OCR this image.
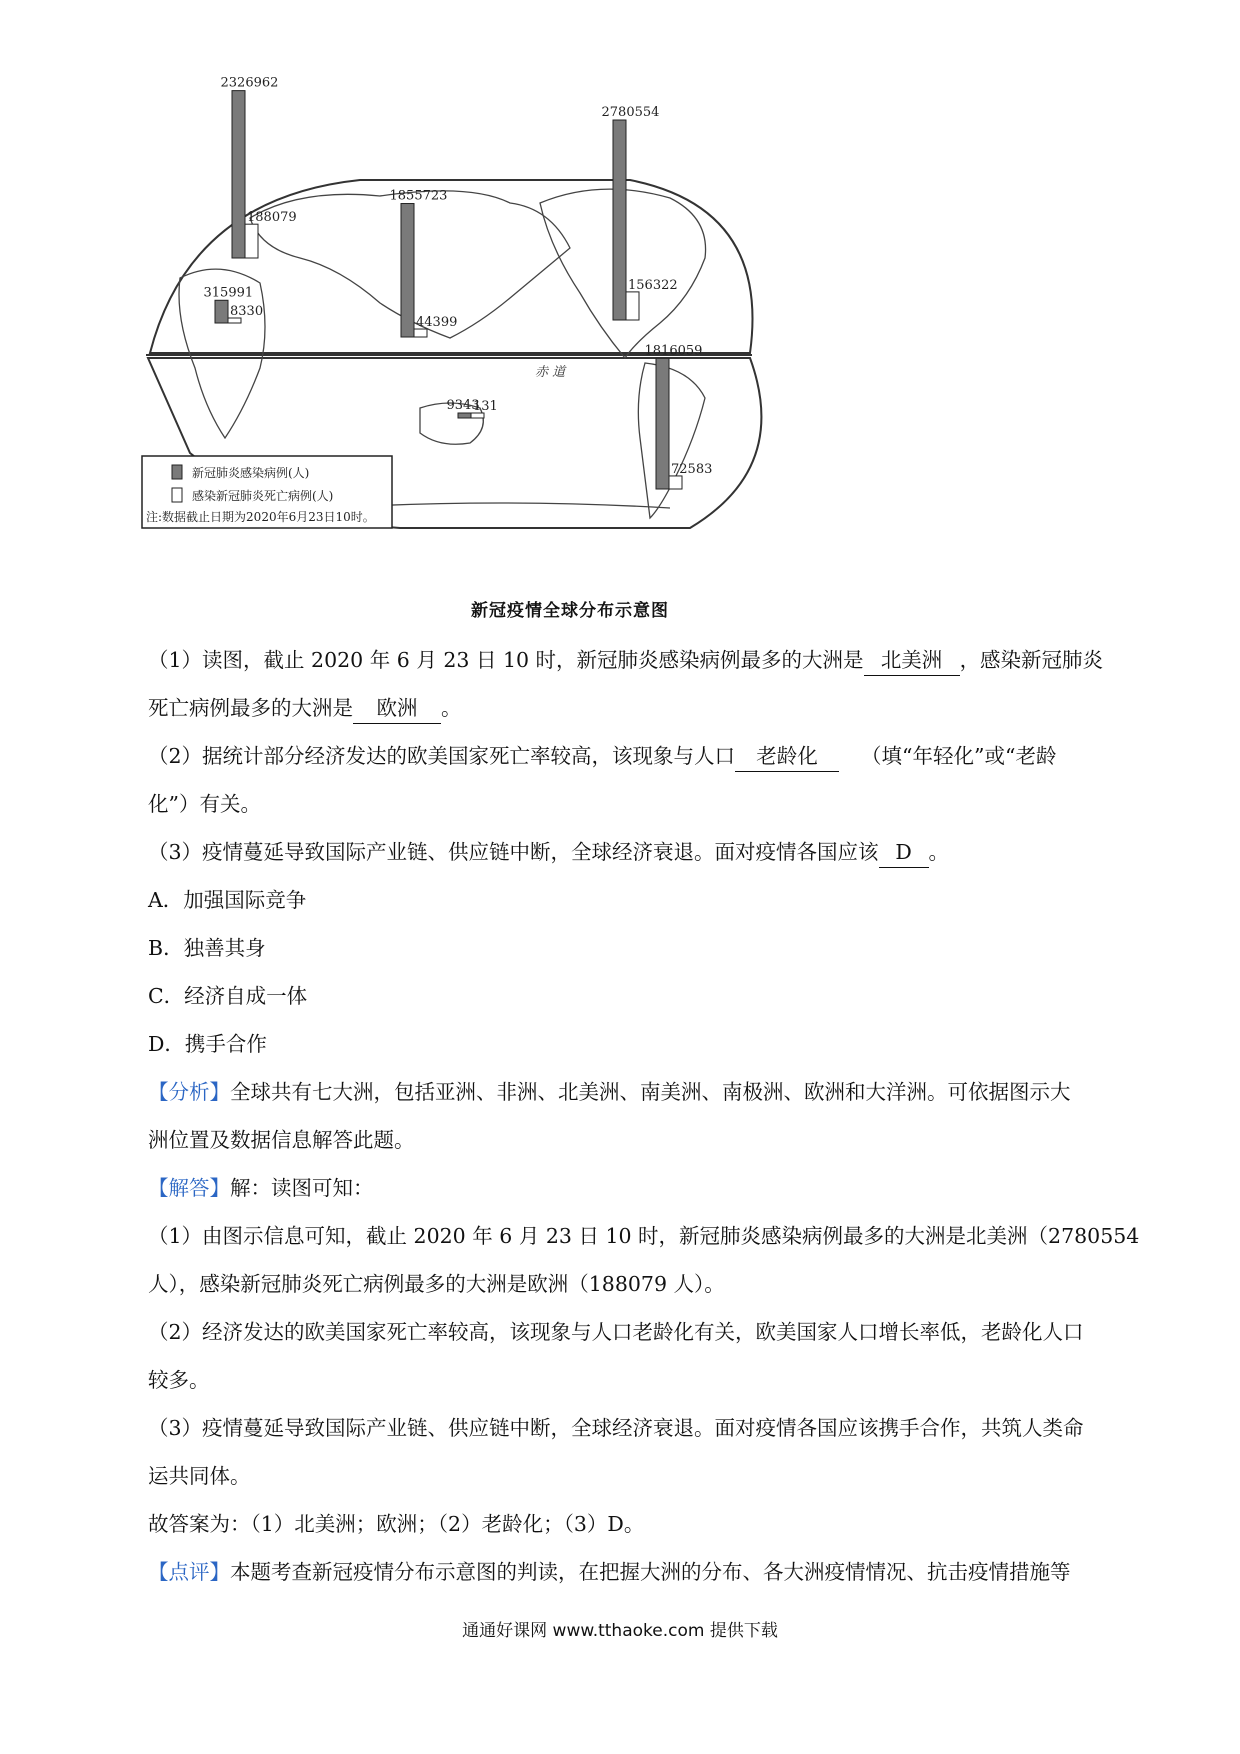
赤 道
2326962
188079
315991
8330
1855723
44399
9343
131
2780554
156322
1816059
72583
新冠肺炎感染病例(人)
感染新冠肺炎死亡病例(人)
注:数据截止日期为2020年6月23日10时。
新冠疫情全球分布示意图
（1）读图，截止 2020 年 6 月 23 日 10 时，新冠肺炎感染病例最多的大洲是 北美洲 ，感染新冠肺炎
死亡病例最多的大洲是 欧洲 。
（2）据统计部分经济发达的欧美国家死亡率较高，该现象与人口 老龄化 （填“年轻化”或“老龄
化”）有关。
（3）疫情蔓延导致国际产业链、供应链中断，全球经济衰退。面对疫情各国应该 D 。
A．加强国际竞争
B．独善其身
C．经济自成一体
D．携手合作
【分析】全球共有七大洲，包括亚洲、非洲、北美洲、南美洲、南极洲、欧洲和大洋洲。可依据图示大
洲位置及数据信息解答此题。
【解答】解：读图可知：
（1）由图示信息可知，截止 2020 年 6 月 23 日 10 时，新冠肺炎感染病例最多的大洲是北美洲（2780554
人），感染新冠肺炎死亡病例最多的大洲是欧洲（188079 人）。
（2）经济发达的欧美国家死亡率较高，该现象与人口老龄化有关，欧美国家人口增长率低，老龄化人口
较多。
（3）疫情蔓延导致国际产业链、供应链中断，全球经济衰退。面对疫情各国应该携手合作，共筑人类命
运共同体。
故答案为：（1）北美洲；欧洲；（2）老龄化；（3）D。
【点评】本题考查新冠疫情分布示意图的判读，在把握大洲的分布、各大洲疫情情况、抗击疫情措施等
通通好课网 www.tthaoke.com 提供下载
